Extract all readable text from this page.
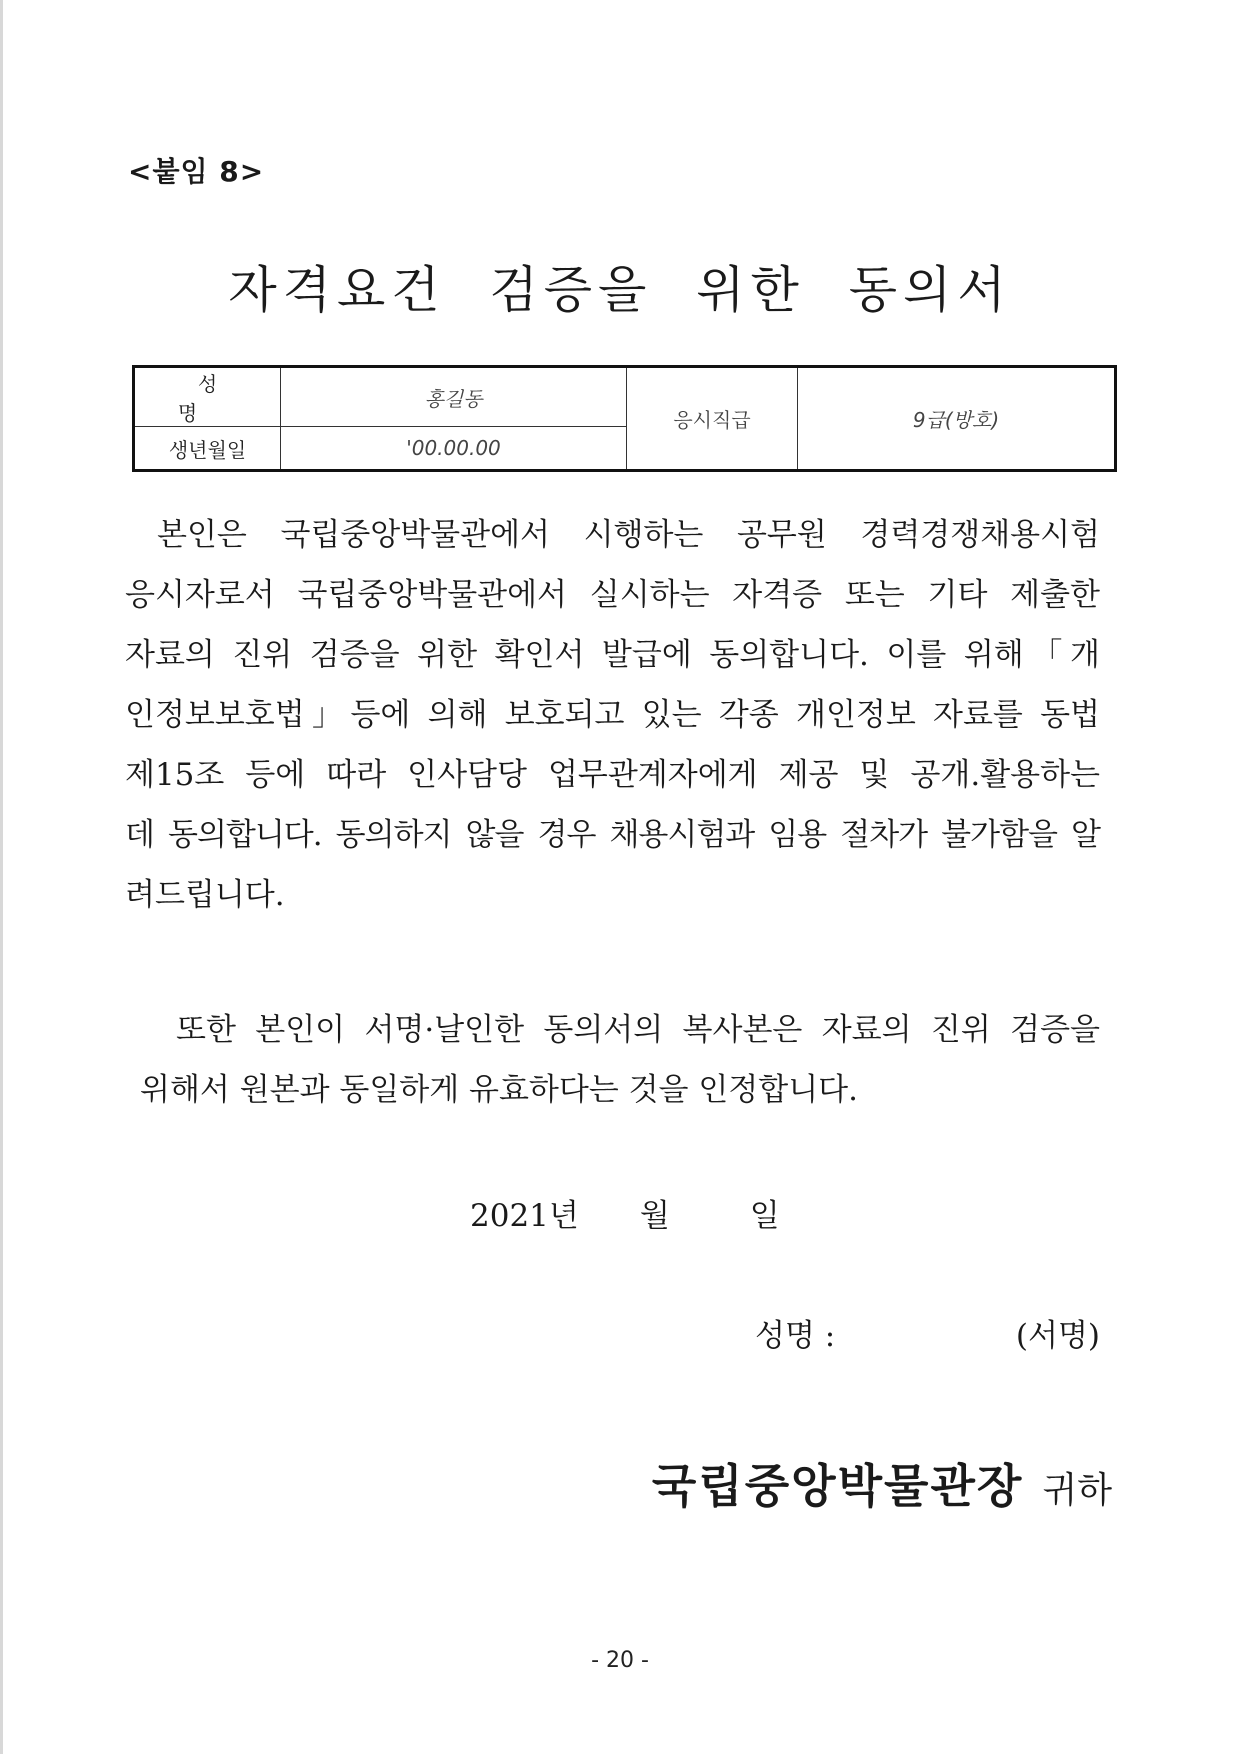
<붙임 8>
자격요건 검증을 위한 동의서
성 명	홍길동	응시직급	9급(방호)
생년월일	'00.00.00		
본인은 국립중앙박물관에서 시행하는 공무원 경력경쟁채용시험
응시자로서 국립중앙박물관에서 실시하는 자격증 또는 기타 제출한
자료의 진위 검증을 위한 확인서 발급에 동의합니다. 이를 위해「개
인정보보호법」등에 의해 보호되고 있는 각종 개인정보 자료를 동법
제15조 등에 따라 인사담당 업무관계자에게 제공 및 공개.활용하는
데 동의합니다. 동의하지 않을 경우 채용시험과 임용 절차가 불가함을 알
려드립니다.
또한 본인이 서명·날인한 동의서의 복사본은 자료의 진위 검증을
위해서 원본과 동일하게 유효하다는 것을 인정합니다.
2021년 월	일
성명 :	(서명)
국립중앙박물관장 귀하
- 20 -
